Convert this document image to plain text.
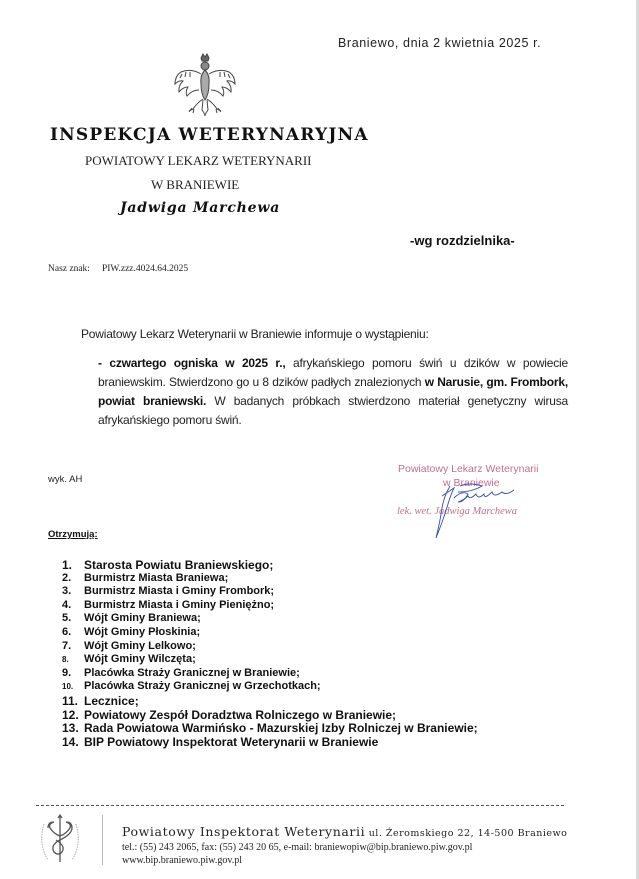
Braniewo, dnia 2 kwietnia 2025 r.
INSPEKCJA WETERYNARYJNA
POWIATOWY LEKARZ WETERYNARII
W BRANIEWIE
Jadwiga Marchewa
-wg rozdzielnika-
Nasz znak: PIW.zzz.4024.64.2025
Powiatowy Lekarz Weterynarii w Braniewie informuje o wystąpieniu:
- czwartego ogniska w 2025 r., afrykańskiego pomoru świń u dzików w powiecie braniewskim. Stwierdzono go u 8 dzików padłych znalezionych w Narusie, gm. Frombork, powiat braniewski. W badanych próbkach stwierdzono materiał genetyczny wirusa afrykańskiego pomoru świń.
wyk. AH
Powiatowy Lekarz Weterynarii
w Braniewie
lek. wet. Jadwiga Marchewa
Otrzymują:
1. Starosta Powiatu Braniewskiego;
2.	Burmistrz Miasta Braniewa;
3.	Burmistrz Miasta i Gminy Frombork;
4.	Burmistrz Miasta i Gminy Pieniężno;
5.	Wójt Gminy Braniewa;
6.	Wójt Gminy Płoskinia;
7.	Wójt Gminy Lelkowo;
8.	Wójt Gminy Wilczęta;
9.	Placówka Straży Granicznej w Braniewie;
10. Placówka Straży Granicznej w Grzechotkach;
11. Lecznice;
12. Powiatowy Zespół Doradztwa Rolniczego w Braniewie;
13. Rada Powiatowa Warmińsko - Mazurskiej Izby Rolniczej w Braniewie;
14. BIP Powiatowy Inspektorat Weterynarii w Braniewie
Powiatowy Inspektorat Weterynarii ul. Żeromskiego 22, 14-500 Braniewo
tel.: (55) 243 2065, fax: (55) 243 20 65, e-mail: braniewopiw@bip.braniewo.piw.gov.pl
www.bip.braniewo.piw.gov.pl
